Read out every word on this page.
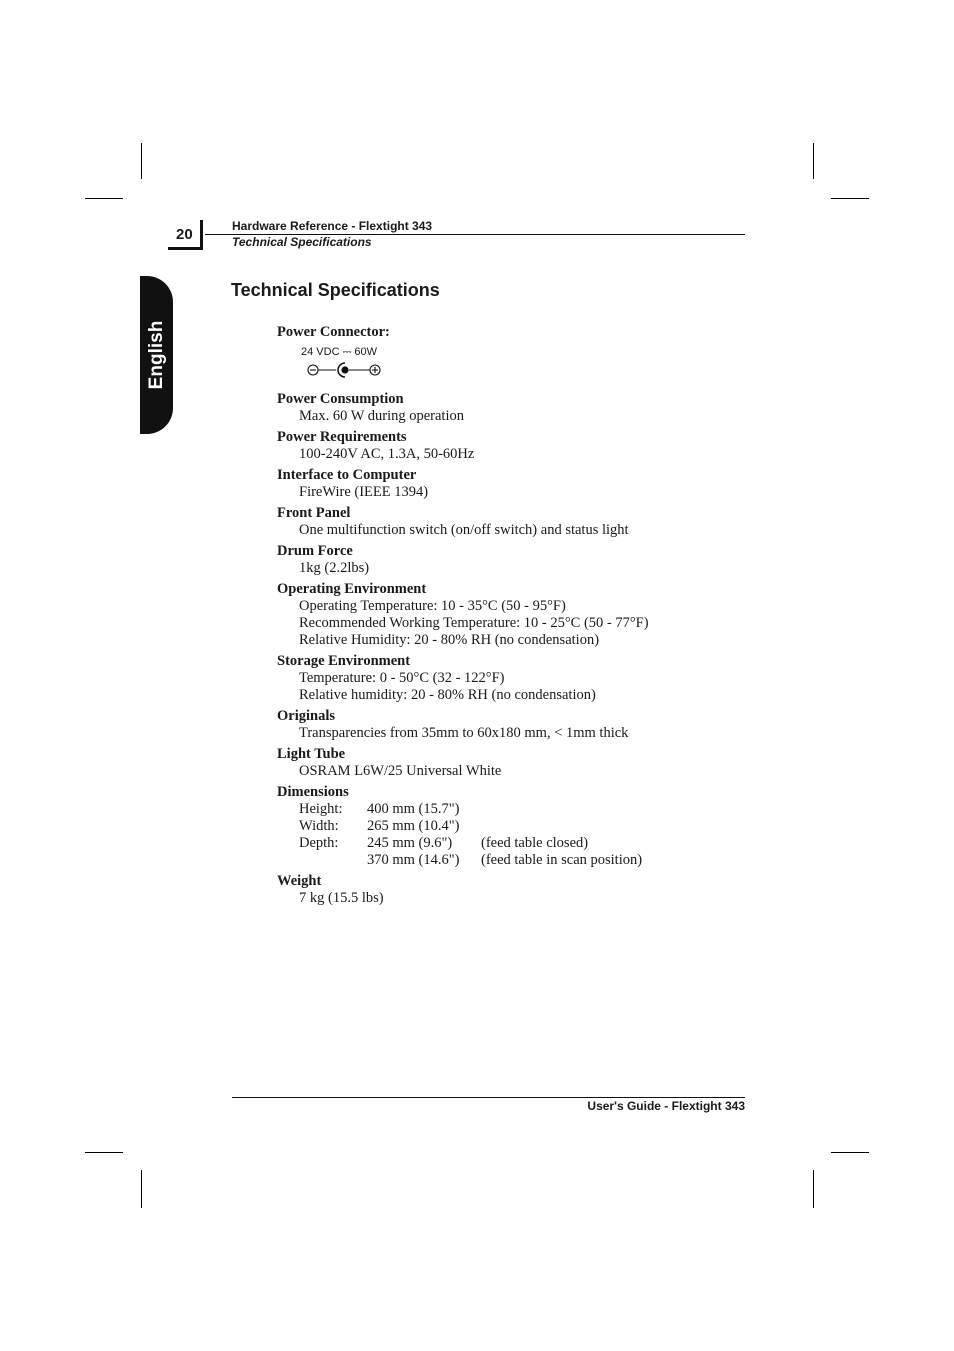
20	Hardware Reference - Flextight 343
Technical Specifications
English
Technical Specifications
Power Connector:
24 VDC ⎓ 60W
Power Consumption
Max. 60 W during operation
Power Requirements
100-240V AC, 1.3A, 50-60Hz
Interface to Computer
FireWire (IEEE 1394)
Front Panel
One multifunction switch (on/off switch) and status light
Drum Force
1kg (2.2lbs)
Operating Environment
Operating Temperature: 10 - 35°C (50 - 95°F)
Recommended Working Temperature: 10 - 25°C (50 - 77°F)
Relative Humidity: 20 - 80% RH (no condensation)
Storage Environment
Temperature: 0 - 50°C (32 - 122°F)
Relative humidity: 20 - 80% RH (no condensation)
Originals
Transparencies from 35mm to 60x180 mm, < 1mm thick
Light Tube
OSRAM L6W/25 Universal White
Dimensions
Height:	400 mm (15.7")
Width:	265 mm (10.4")
Depth:	245 mm (9.6")	(feed table closed)
370 mm (14.6")	(feed table in scan position)
Weight
7 kg (15.5 lbs)
User's Guide - Flextight 343
